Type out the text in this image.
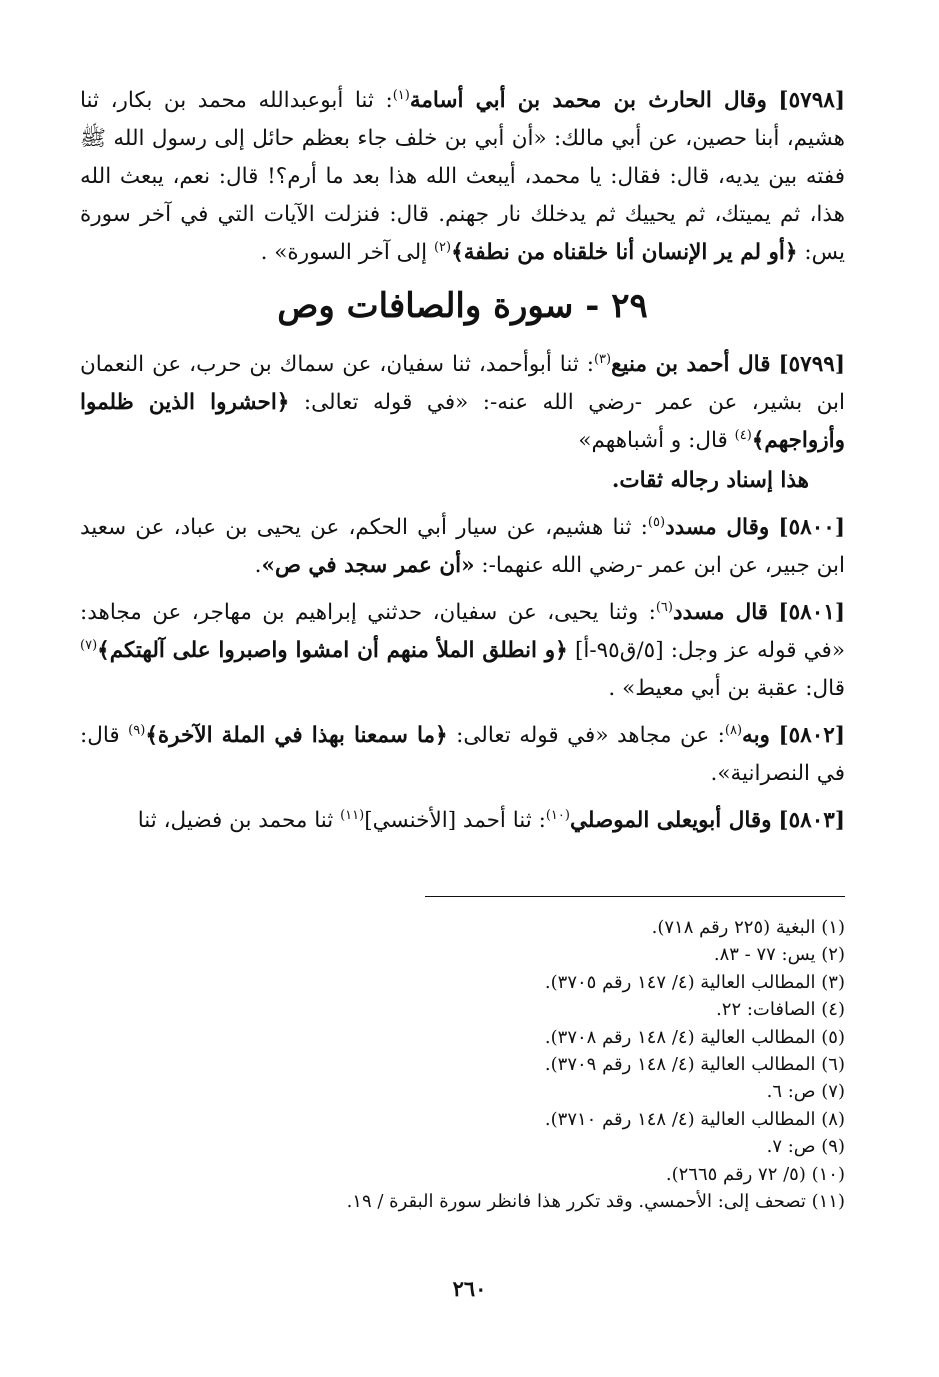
[٥٧٩٨] وقال الحارث بن محمد بن أبي أسامة$^{(١)}$: ثنا أبوعبدالله محمد بن بكار، ثنا هشيم، أبنا حصين، عن أبي مالك: «أن أبي بن خلف جاء بعظم حائل إلى رسول الله ﷺ ففته بين يديه، قال: فقال: يا محمد، أيبعث الله هذا بعد ما أرم؟! قال: نعم، يبعث الله هذا، ثم يميتك، ثم يحييك ثم يدخلك نار جهنم. قال: فنزلت الآيات التي في آخر سورة يس: ﴿أو لم ير الإنسان أنا خلقناه من نطفة﴾$^{(٢)}$ إلى آخر السورة» .

٢٩ - سورة والصافات وص

[٥٧٩٩] قال أحمد بن منيع$^{(٣)}$: ثنا أبوأحمد، ثنا سفيان، عن سماك بن حرب، عن النعمان ابن بشير، عن عمر -رضي الله عنه-: «في قوله تعالى: ﴿احشروا الذين ظلموا وأزواجهم﴾$^{(٤)}$ قال: و أشباههم»

هذا إسناد رجاله ثقات.

[٥٨٠٠] وقال مسدد$^{(٥)}$: ثنا هشيم، عن سيار أبي الحكم، عن يحيى بن عباد، عن سعيد ابن جبير، عن ابن عمر -رضي الله عنهما-: «أن عمر سجد في ص».

[٥٨٠١] قال مسدد$^{(٦)}$: وثنا يحيى، عن سفيان، حدثني إبراهيم بن مهاجر، عن مجاهد: «في قوله عز وجل: [٥/ق٩٥-أ] ﴿و انطلق الملأ منهم أن امشوا واصبروا على آلهتكم﴾$^{(٧)}$ قال: عقبة بن أبي معيط» .

[٥٨٠٢] وبه$^{(٨)}$: عن مجاهد «في قوله تعالى: ﴿ما سمعنا بهذا في الملة الآخرة﴾$^{(٩)}$ قال: في النصرانية».

[٥٨٠٣] وقال أبويعلى الموصلي$^{(١٠)}$: ثنا أحمد [الأخنسي]$^{(١١)}$ ثنا محمد بن فضيل، ثنا

(١) البغية (٢٢٥ رقم ٧١٨).
(٢) يس: ٧٧ - ٨٣.
(٣) المطالب العالية (٤/ ١٤٧ رقم ٣٧٠٥).
(٤) الصافات: ٢٢.
(٥) المطالب العالية (٤/ ١٤٨ رقم ٣٧٠٨).
(٦) المطالب العالية (٤/ ١٤٨ رقم ٣٧٠٩).
(٧) ص: ٦.
(٨) المطالب العالية (٤/ ١٤٨ رقم ٣٧١٠).
(٩) ص: ٧.
(١٠) (٥/ ٧٢ رقم ٢٦٦٥).
(١١) تصحف إلى: الأحمسي. وقد تكرر هذا فانظر سورة البقرة / ١٩.
٢٦٠
